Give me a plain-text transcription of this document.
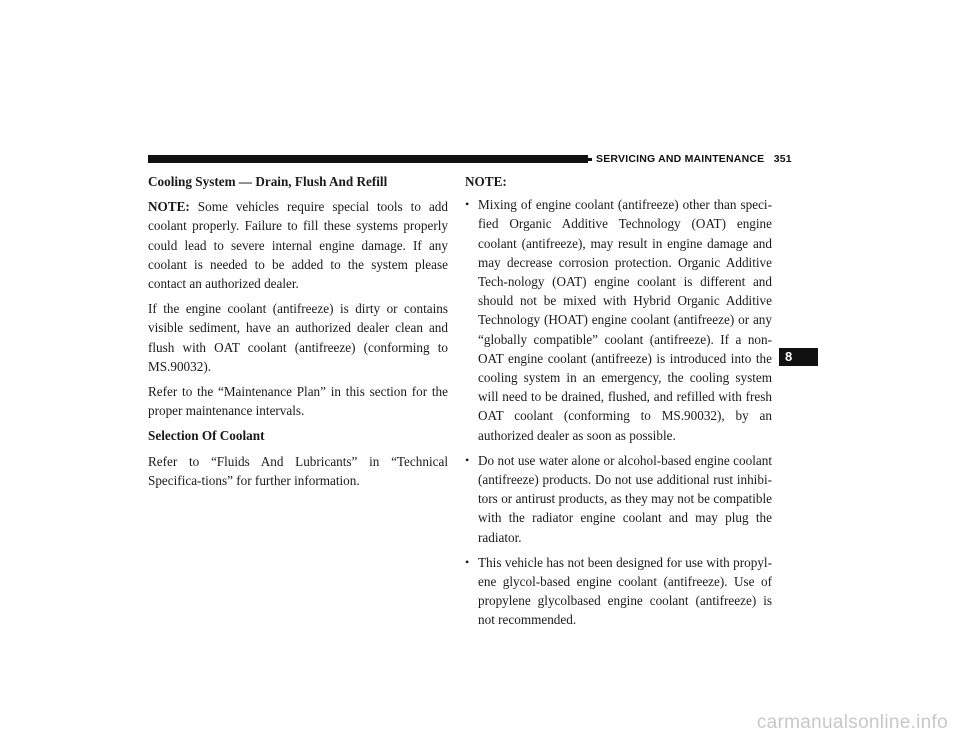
SERVICING AND MAINTENANCE 351
Cooling System — Drain, Flush And Refill

NOTE: Some vehicles require special tools to add coolant properly. Failure to fill these systems properly could lead to severe internal engine damage. If any coolant is needed to be added to the system please contact an authorized dealer.

If the engine coolant (antifreeze) is dirty or contains visible sediment, have an authorized dealer clean and flush with OAT coolant (antifreeze) (conforming to MS.90032).

Refer to the “Maintenance Plan” in this section for the proper maintenance intervals.

Selection Of Coolant

Refer to “Fluids And Lubricants” in “Technical Specifica-tions” for further information.

NOTE:
• Mixing of engine coolant (antifreeze) other than speci-fied Organic Additive Technology (OAT) engine coolant (antifreeze), may result in engine damage and may decrease corrosion protection. Organic Additive Tech-nology (OAT) engine coolant is different and should not be mixed with Hybrid Organic Additive Technology (HOAT) engine coolant (antifreeze) or any “globally compatible” coolant (antifreeze). If a non-OAT engine coolant (antifreeze) is introduced into the cooling system in an emergency, the cooling system will need to be drained, flushed, and refilled with fresh OAT coolant (conforming to MS.90032), by an authorized dealer as soon as possible.
• Do not use water alone or alcohol-based engine coolant (antifreeze) products. Do not use additional rust inhibi-tors or antirust products, as they may not be compatible with the radiator engine coolant and may plug the radiator.
• This vehicle has not been designed for use with propyl-ene glycol-based engine coolant (antifreeze). Use of propylene glycolbased engine coolant (antifreeze) is not recommended.
8
carmanualsonline.info
